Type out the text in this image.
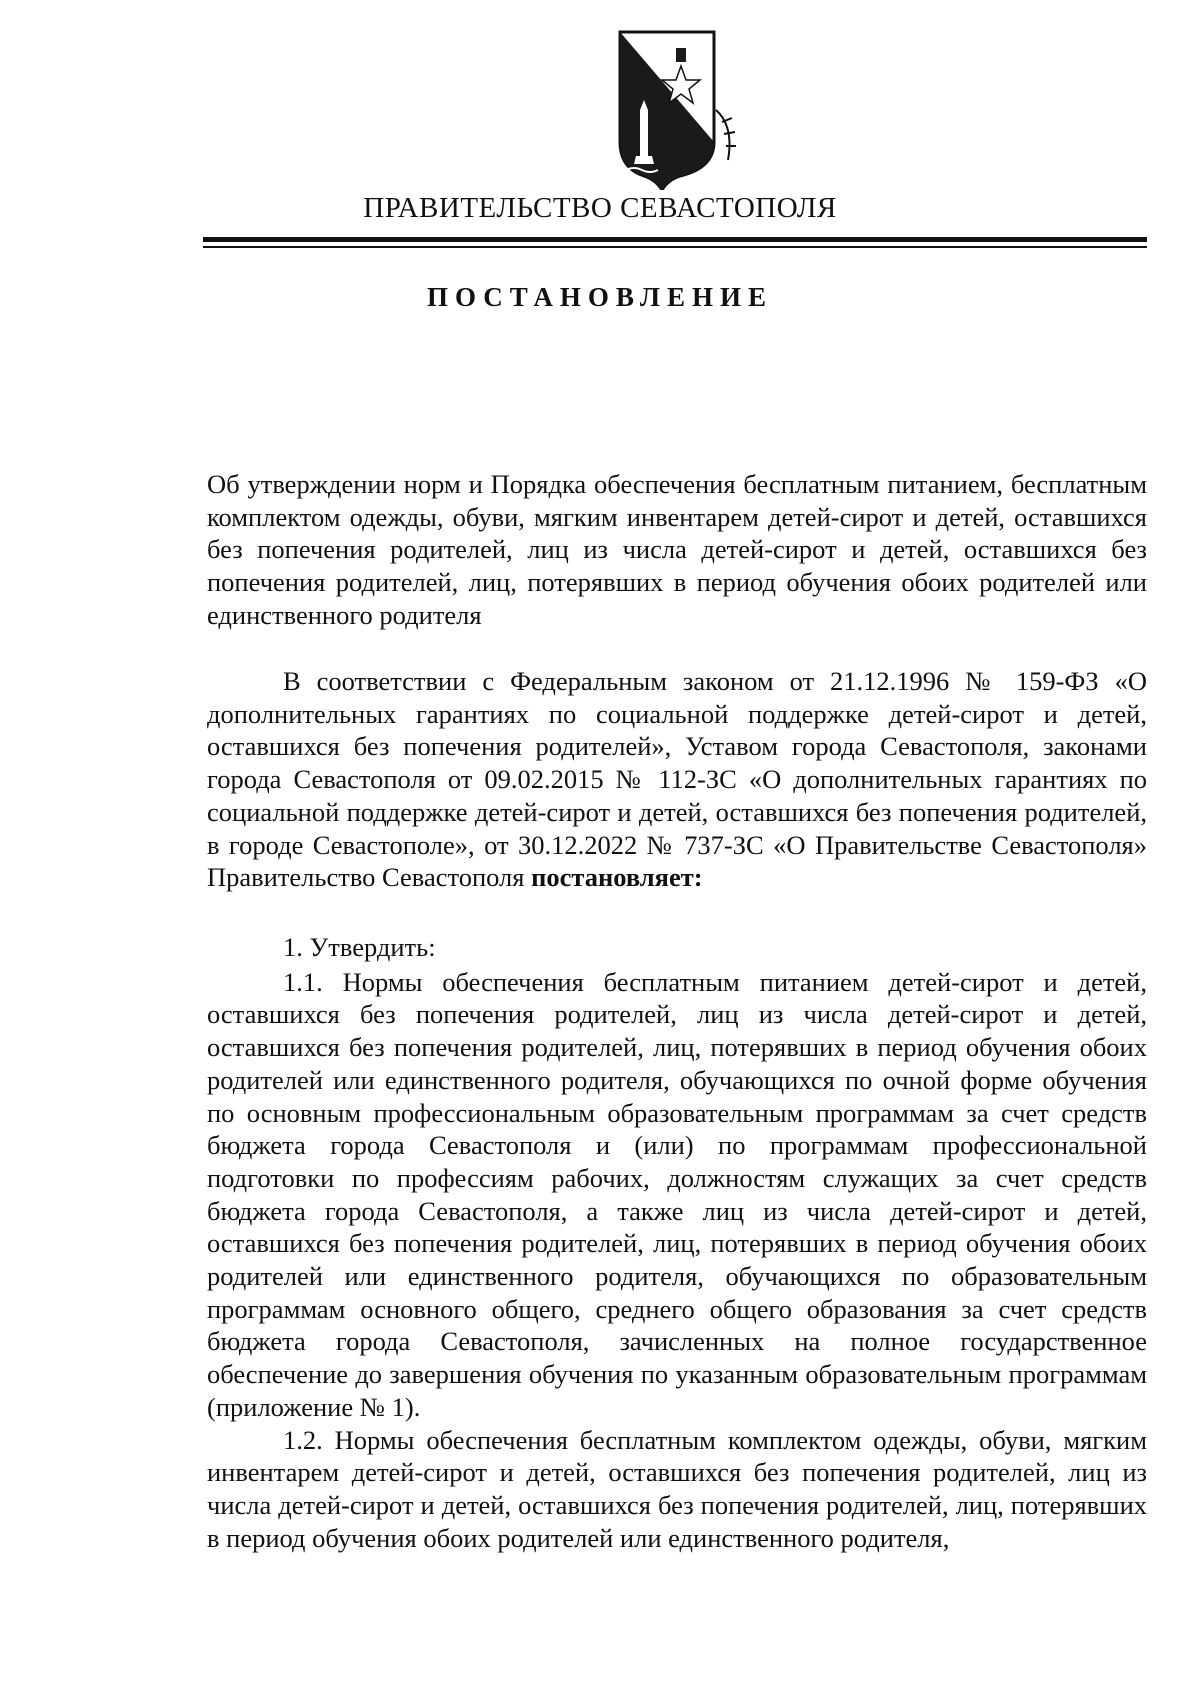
ПРАВИТЕЛЬСТВО СЕВАСТОПОЛЯ
ПОСТАНОВЛЕНИЕ

Об утверждении норм и Порядка обеспечения бесплатным питанием, бесплатным комплектом одежды, обуви, мягким инвентарем детей-сирот и детей, оставшихся без попечения родителей, лиц из числа детей-сирот и детей, оставшихся без попечения родителей, лиц, потерявших в период обучения обоих родителей или единственного родителя

В соответствии с Федеральным законом от 21.12.1996 № 159-ФЗ «О дополнительных гарантиях по социальной поддержке детей-сирот и детей, оставшихся без попечения родителей», Уставом города Севастополя, законами города Севастополя от 09.02.2015 № 112-ЗС «О дополнительных гарантиях по социальной поддержке детей-сирот и детей, оставшихся без попечения родителей, в городе Севастополе», от 30.12.2022 № 737-ЗС «О Правительстве Севастополя» Правительство Севастополя постановляет:

1. Утвердить:

1.1. Нормы обеспечения бесплатным питанием детей-сирот и детей, оставшихся без попечения родителей, лиц из числа детей-сирот и детей, оставшихся без попечения родителей, лиц, потерявших в период обучения обоих родителей или единственного родителя, обучающихся по очной форме обучения по основным профессиональным образовательным программам за счет средств бюджета города Севастополя и (или) по программам профессиональной подготовки по профессиям рабочих, должностям служащих за счет средств бюджета города Севастополя, а также лиц из числа детей-сирот и детей, оставшихся без попечения родителей, лиц, потерявших в период обучения обоих родителей или единственного родителя, обучающихся по образовательным программам основного общего, среднего общего образования за счет средств бюджета города Севастополя, зачисленных на полное государственное обеспечение до завершения обучения по указанным образовательным программам (приложение № 1).

1.2. Нормы обеспечения бесплатным комплектом одежды, обуви, мягким инвентарем детей-сирот и детей, оставшихся без попечения родителей, лиц из числа детей-сирот и детей, оставшихся без попечения родителей, лиц, потерявших в период обучения обоих родителей или единственного родителя,
